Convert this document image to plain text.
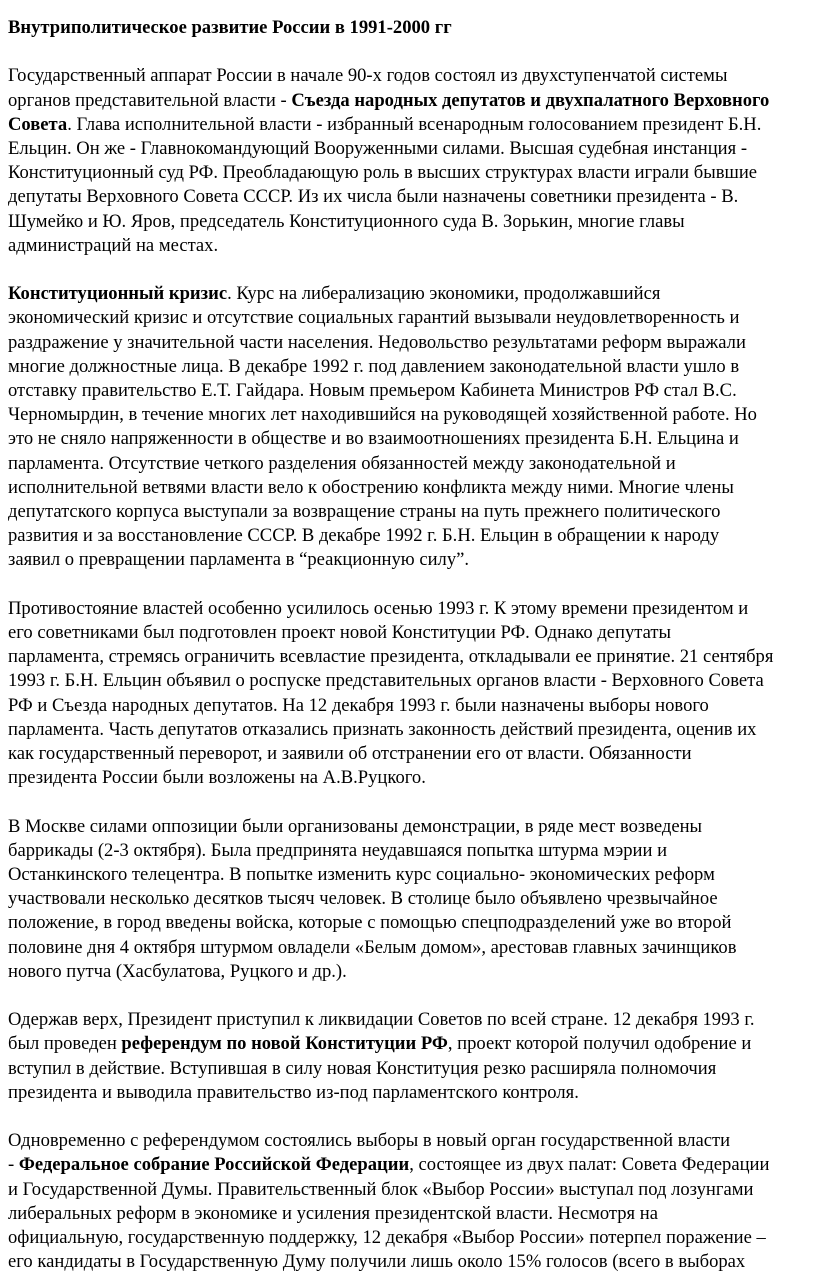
Внутриполитическое развитие России в 1991-2000 гг

Государственный аппарат России в начале 90-х годов состоял из двухступенчатой системы
органов представительной власти - Съезда народных депутатов и двухпалатного Верховного
Совета. Глава исполнительной власти - избранный всенародным голосованием президент Б.Н.
Ельцин. Он же - Главнокомандующий Вооруженными силами. Высшая судебная инстанция -
Конституционный суд РФ. Преобладающую роль в высших структурах власти играли бывшие
депутаты Верховного Совета СССР. Из их числа были назначены советники президента - В.
Шумейко и Ю. Яров, председатель Конституционного суда В. Зорькин, многие главы
администраций на местах.

Конституционный кризис. Курс на либерализацию экономики, продолжавшийся
экономический кризис и отсутствие социальных гарантий вызывали неудовлетворенность и
раздражение у значительной части населения. Недовольство результатами реформ выражали
многие должностные лица. В декабре 1992 г. под давлением законодательной власти ушло в
отставку правительство Е.Т. Гайдара. Новым премьером Кабинета Министров РФ стал В.С.
Черномырдин, в течение многих лет находившийся на руководящей хозяйственной работе. Но
это не сняло напряженности в обществе и во взаимоотношениях президента Б.Н. Ельцина и
парламента. Отсутствие четкого разделения обязанностей между законодательной и
исполнительной ветвями власти вело к обострению конфликта между ними. Многие члены
депутатского корпуса выступали за возвращение страны на путь прежнего политического
развития и за восстановление СССР. В декабре 1992 г. Б.Н. Ельцин в обращении к народу
заявил о превращении парламента в “реакционную силу”.

Противостояние властей особенно усилилось осенью 1993 г. К этому времени президентом и
его советниками был подготовлен проект новой Конституции РФ. Однако депутаты
парламента, стремясь ограничить всевластие президента, откладывали ее принятие. 21 сентября
1993 г. Б.Н. Ельцин объявил о роспуске представительных органов власти - Верховного Совета
РФ и Съезда народных депутатов. На 12 декабря 1993 г. были назначены выборы нового
парламента. Часть депутатов отказались признать законность действий президента, оценив их
как государственный переворот, и заявили об отстранении его от власти. Обязанности
президента России были возложены на А.В.Руцкого.

В Москве силами оппозиции были организованы демонстрации, в ряде мест возведены
баррикады (2-3 октября). Была предпринята неудавшаяся попытка штурма мэрии и
Останкинского телецентра. В попытке изменить курс социально- экономических реформ
участвовали несколько десятков тысяч человек. В столице было объявлено чрезвычайное
положение, в город введены войска, которые с помощью спецподразделений уже во второй
половине дня 4 октября штурмом овладели «Белым домом», арестовав главных зачинщиков
нового путча (Хасбулатова, Руцкого и др.).

Одержав верх, Президент приступил к ликвидации Советов по всей стране. 12 декабря 1993 г.
был проведен референдум по новой Конституции РФ, проект которой получил одобрение и
вступил в действие. Вступившая в силу новая Конституция резко расширяла полномочия
президента и выводила правительство из-под парламентского контроля.

Одновременно с референдумом состоялись выборы в новый орган государственной власти
- Федеральное собрание Российской Федерации, состоящее из двух палат: Совета Федерации
и Государственной Думы. Правительственный блок «Выбор России» выступал под лозунгами
либеральных реформ в экономике и усиления президентской власти. Несмотря на
официальную, государственную поддержку, 12 декабря «Выбор России» потерпел поражение –
его кандидаты в Государственную Думу получили лишь около 15% голосов (всего в выборах
